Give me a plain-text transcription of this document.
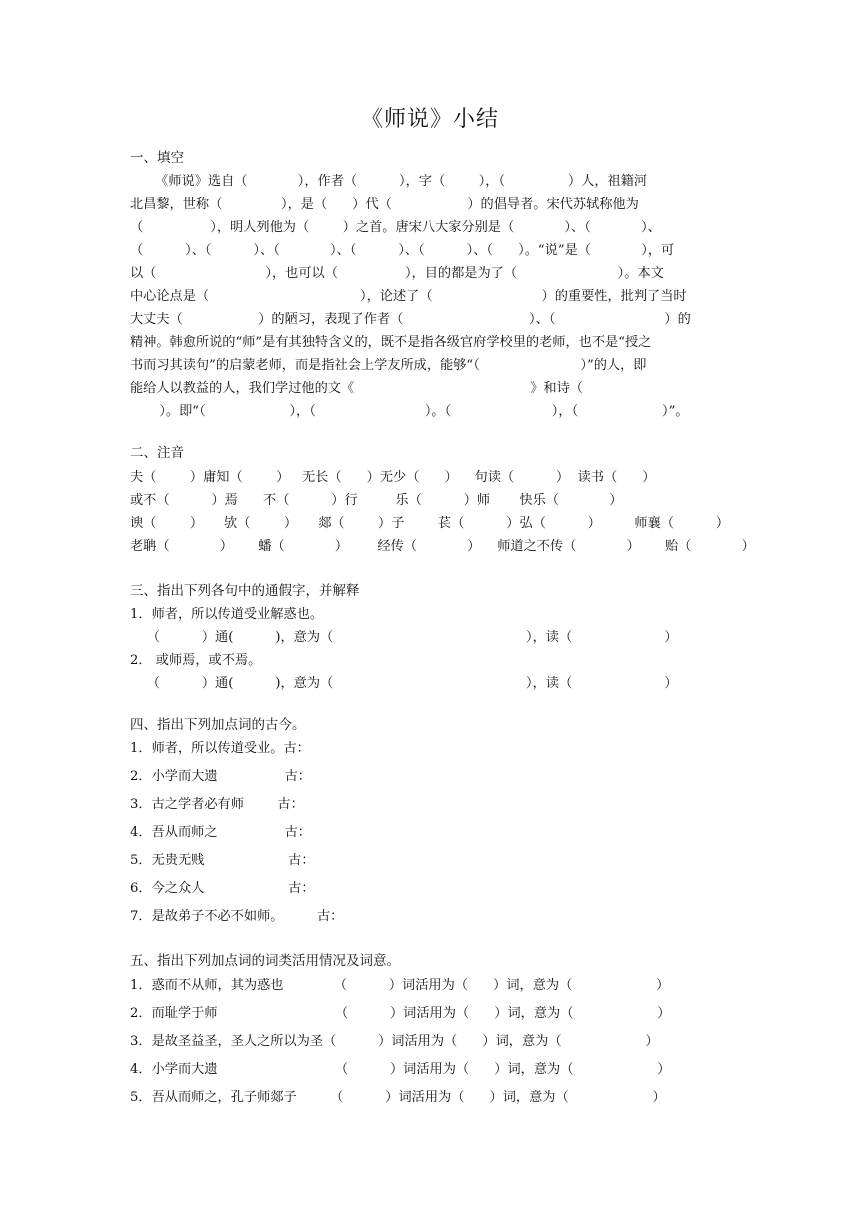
《师说》小结
一、填空
《师说》选自（            ），作者（          ），字（        ），（               ）人，祖籍河
北昌黎，世称（              ），是（      ）代（                  ）的倡导者。宋代苏轼称他为
（                ），明人列他为（        ）之首。唐宋八大家分别是（            ）、（            ）、
（          ）、（          ）、（            ）、（          ）、（          ）、（      ）。“说”是（            ），可
以（                          ），也可以（                ），目的都是为了（                        ）。本文
中心论点是（                                    ），论述了（                          ）的重要性，批判了当时
大丈夫（                  ）的陋习，表现了作者（                              ）、（                          ）的
精神。韩愈所说的“师”是有其独特含义的，既不是指各级官府学校里的老师，也不是“授之
书而习其读句”的启蒙老师，而是指社会上学友所成，能够“（                        ）”的人，即
能给人以教益的人，我们学过他的文《                                          》和诗（
）。即“（                    ），（                          ）。（                        ），（                    ）”。
二、注音
夫（        ）庸知（        ）   无长（      ）无少（      ）    句读（          ）  读书（      ）
或不（          ）焉      不（          ）行         乐（          ）师       快乐（            ）
谀（        ）     欤（        ）     郯（        ）子        苌（          ）弘（          ）        师襄（          ）
老聃（            ）      蟠（            ）       经传（            ）    师道之不传（            ）      贻（            ）
三、指出下列各句中的通假字，并解释
1．师者，所以传道受业解惑也。
（          ）通(          )，意为（                                              ），读（                      ）
2． 或师焉，或不焉。
（          ）通(          )，意为（                                              ），读（                      ）
四、指出下列加点词的古今。
1．师者，所以传道受业。古：
2．小学而大遗                古：
3．古之学者必有师        古：
4．吾从而师之                古：
5．无贵无贱                    古：
6．今之众人                    古：
7．是故弟子不必不如师。        古：
五、指出下列加点词的词类活用情况及词意。
1．惑而不从师，其为惑也            （          ）词活用为（      ）词，意为（                    ）
2．而耻学于师                            （          ）词活用为（      ）词，意为（                    ）
3．是故圣益圣，圣人之所以为圣（          ）词活用为（      ）词，意为（                    ）
4．小学而大遗                            （          ）词活用为（      ）词，意为（                    ）
5．吾从而师之，孔子师郯子        （          ）词活用为（      ）词，意为（                    ）
